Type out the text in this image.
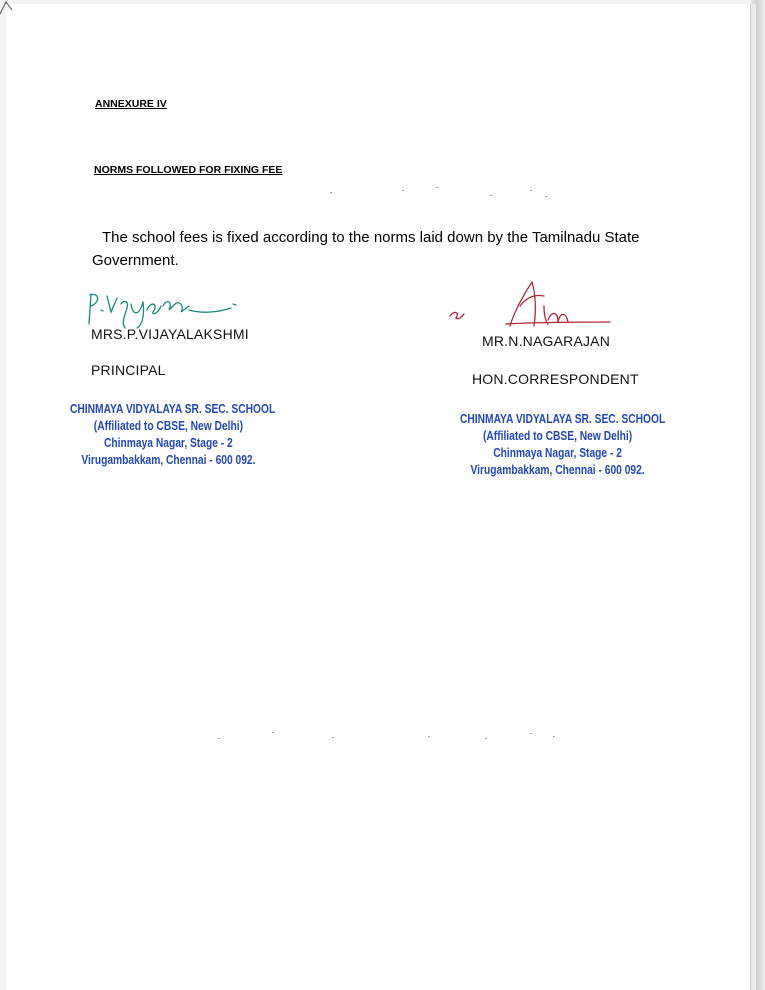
ANNEXURE IV
NORMS FOLLOWED FOR FIXING FEE
The school fees is fixed according to the norms laid down by the Tamilnadu State
Government.
MRS.P.VIJAYALAKSHMI
PRINCIPAL
MR.N.NAGARAJAN
HON.CORRESPONDENT
CHINMAYA VIDYALAYA SR. SEC. SCHOOL
(Affiliated to CBSE, New Delhi)
Chinmaya Nagar, Stage - 2
Virugambakkam, Chennai - 600 092.
CHINMAYA VIDYALAYA SR. SEC. SCHOOL
(Affiliated to CBSE, New Delhi)
Chinmaya Nagar, Stage - 2
Virugambakkam, Chennai - 600 092.
